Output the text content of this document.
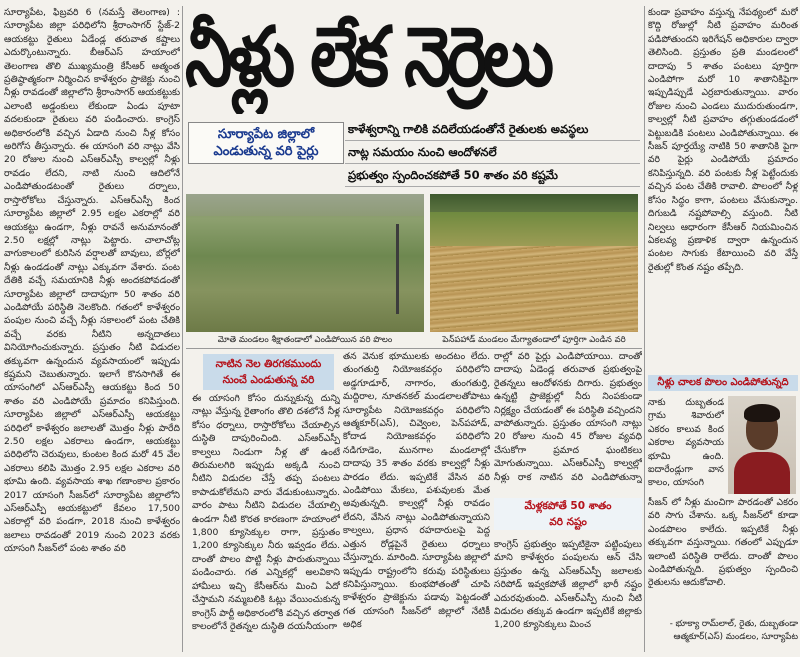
సూర్యాపేట, ఫిబ్రవరి 6 (నమస్తే తెలంగాణ) : సూర్యాపేట జిల్లా పరిధిలోని శ్రీరాంసాగర్ స్టేజ్-2 ఆయకట్టు రైతులు ఏడేండ్ల తరువాత కష్టాలు ఎదుర్కొంటున్నారు. బీఆర్ఎస్ హయాంలో తెలంగాణ తొలి ముఖ్యమంత్రి కేసీఆర్ ఆత్మంత ప్రతిష్ఠాత్మకంగా నిర్మించిన కాళేశ్వరం ప్రాజెక్టు నుంచి నీళ్లు రావడంతో జిల్లాలోని శ్రీరాంసాగర్ ఆయకట్టుకు ఎలాంటి అడ్డంకులు లేకుండా ఏండు పూటా వదలకుండా రైతులు వరి పండించారు. కాంగ్రెస్ అధికారంలోకి వచ్చిన ఏడాది నుంచి నీళ్ల కోసం అరిగోస తీస్తున్నారు. ఈ యాసంగి వరి నాట్లు వేసి 20 రోజుల నుంచి ఎస్ఆర్ఎస్పీ కాల్వల్లో నీళ్లు రావడం లేదని, నాటి నుంచి ఆదిలోనే ఎండిపోతుండటంతో రైతులు దర్నాలు, రాస్తారోకోలు చేస్తున్నారు. ఎస్ఆర్ఎస్పీ కింద సూర్యాపేట జిల్లాలో 2.95 లక్షల ఎకరాల్లో వరి ఆయకట్టు ఉండగా, నీళ్లు రావనే అనుమానంతో 2.50 లక్షల్లో నాట్లు పెట్టారు. చాలాచోట్ల వాగుకాలంలో కురిసిన వర్షాలతో బావులు, బోర్లలో నీళ్లు ఉండడంతో నాట్లు ఎక్కువగా వేశారు. పంట దేతికి వచ్చే సమయానికి నీళ్లు అందకపోవడంతో సూర్యాపేట జిల్లాలో దాదాపుగా 50 శాతం వరి ఎండిపోయే పరిస్థితి నెలకొంది. గతంలో కాళేశ్వరం పంపుల నుంచి వచ్చే నీళ్లు సకాలంలో పంట చేతికి వచ్చే వరకు నీటిని అన్నదాతలు వినియోగించుకున్నారు. ప్రస్తుతం నీటి విడుదల తక్కువగా ఉన్నందున వ్యవసాయంలో ఇప్పుడు కష్టమని చెబుతున్నారు. ఇలాగే కొనసాగితే ఈ యాసంగిలో ఎస్ఆర్ఎస్పీ ఆయకట్టు కింద 50 శాతం వరి ఎండిపోయే ప్రమాదం కనిపిస్తుంది. సూర్యాపేట జిల్లాలో ఎస్ఆర్ఎస్పీ ఆయకట్టు పరిధిలో కాళేశ్వరం జలాలతో మొత్తం నీళ్లు పారేది 2.50 లక్షల ఎకరాలు ఉండగా, ఆయకట్టు పరిధిలోని చెరువులు, కుంటల కింద మరో 45 వేల ఎకరాలు కలిపి మొత్తం 2.95 లక్షల ఎకరాల వరి భూమి ఉంది. వ్యవసాయ శాఖ గణాంకాల ప్రకారం 2017 యాసంగి సీజన్‌లో సూర్యాపేట జిల్లాలోని ఎస్ఆర్ఎస్పీ ఆయకట్టులో కేవలం 17,500 ఎకరాల్లో వరి పండగా, 2018 నుంచి కాళేశ్వరం జలాలు రావడంతో 2019 నుంచి 2023 వరకు యాసంగి సీజన్‌లో పంట శాతం వరి

నీళ్లు లేక నెర్రెలు
సూర్యాపేట జిల్లాలో
ఎండుతున్న వరి పైర్లు
కాళేశ్వరాన్ని గాలికి వదిలేయడంతోనే రైతులకు అవస్థలు
నాట్ల సమయం నుంచి ఆందోళనలే
ప్రభుత్వం స్పందించకపోతే 50 శాతం వరి కష్టమే
మోతె మండలం శీక్షాతండాలో ఎండిపోయిన వరి పొలం	పెన్‌పహాడ్ మండలం మేగ్యాతండాలో పూర్తిగా ఎండిన వరి
నాటిన నెల తిరగకముందు
నుంచే ఎండుతున్న వరి

ఈ యాసంగి కోసం దున్నుకున్న దున్ని నాట్లు వేస్తున్న రైతాంగం తొలి దశలోనే నీళ్ల కోసం ధర్నాలు, రాస్తారోకోలు చేయాల్సిన దుస్థితి దాపురించింది. ఎస్ఆర్ఎస్పీ కాల్వలు నిండుగా నీళ్ల తో ఉంటే తిరుమలగిరి ఇప్పుడు అక్కడి నుంచి నీటిని విడుదల చేస్తే తప్ప పంటలు కాపాడుకోలేమని వారు వేడుకుంటున్నారు. వారం పాటు నీటిని విడుదల చేయాల్సి ఉండగా నీటి కొరత కారణంగా హయాంలో 1,800 క్యూసెక్కుల రాగా, ప్రస్తుతం 1,200 క్యూసెక్కుల నీరు ఇవ్వడం లేదు. దాంతో పొలం పొట్టి నీళ్లు పారుతున్నాయి పండించారు. గత ఎన్నికల్లో అలవికాని హామీలు ఇచ్చి కేసీఆర్‌ను మించి ఏదో చేస్తామని నమ్మబలికి ఓట్లు వేయించుకున్న కాంగ్రెస్ పార్టీ అధికారంలోకి వచ్చిన తర్వాత కాలంలోనే రైతన్నల దుస్థితి దయనీయంగా

తన వెనుక భూములకు అందటం లేదు. తుంగతుర్తి నియోజకవర్గం పరిధిలోని అడ్డగూడూర్, నాగారం, తుంగతుర్తి, మద్దిరాల, నూతనకల్ మండలాలతోపాటు సూర్యాపేట నియోజకవర్గం పరిధిలోని ఆత్మకూర్(ఎస్), చివ్వెంల, పెన్‌పహాడ్, కోదాడ నియోజకవర్గం పరిధిలోని నడిగూడెం, మునగాల మండలాల్లో దాదాపు 35 శాతం వరకు కాల్వల్లో నీళ్లు పారడం లేదు. ఇప్పటికే వేసిన వరి ఎండిపోయి మేకలు, పశువులకు మేత అవుతున్నది. కాల్వల్లో నీళ్లు రావడం లేదని, వేసిన నాట్లు ఎండిపోతున్నాయని కాల్వలు, ప్రధాన రహదారులపై పెద్ద ఎత్తున రోడ్లపైనే రైతులు ధర్నాలు చేస్తున్నారు. మారింది. సూర్యాపేట జిల్లాలో ఇప్పుడు రాష్ట్రంలోని కరువు పరిస్థితులు కనిపిస్తున్నాయి. కుంభపోతంతో చూపి కాళేశ్వరం ప్రాజెక్టును పడావు పెట్టడంతో గత యాసంగి సీజన్‌లో జిల్లాలో నేటికీ అధిక

రాల్లో వరి పైర్లు ఎండిపోయాయి. దాంతో దాదాపు ఏడెండ్ల తరువాత ప్రభుత్వంపై రైతన్నలు ఆందోళనకు దిగారు. ప్రభుత్వం ఉన్నట్టి ప్రాజెక్టుల్లో నీరు నింపకుండా నిర్లక్ష్యం చేయడంతో ఈ పరిస్థితి వచ్చిందని వాపోతున్నారు. ప్రస్తుతం యాసంగి నాట్లు 20 రోజుల నుంచి 45 రోజుల వ్యవధి చేసుకోగా ప్రమాద ఘంటికలు మోగుతున్నాయి. ఎస్ఆర్ఎస్పీ కాల్వల్లో నీళ్లు రాక నాటిన వరి ఎండిపోతున్నా

మేళ్లకపోతే 50 శాతం
వరి నష్టం

కాంగ్రెస్ ప్రభుత్వం ఇప్పటికైనా పట్టింపులు మాని కాళేశ్వరం పంపులను ఆన్ చేసి ప్రస్తుతం ఉన్న ఎస్ఆర్ఎస్పీ జలాలకు సరిపోడ్ ఇవ్వకపోతే జిల్లాలో భారీ నష్టం ఎదురవుతుంది. ఎస్ఆర్ఎస్పీ నుంచి నీటి విడుదల తక్కువ ఉండగా ఇప్పటికే జిల్లాకు 1,200 క్యూసెక్కులు మించ

కుండా ప్రవాహం వస్తున్న నేపథ్యంలో మరో కొద్ది రోజుల్లో నీటి ప్రవాహం మరింత పడిపోతుందని ఇరిగేషన్ అధికారుల ద్వారా తెలిసింది. ప్రస్తుతం ప్రతి మండలంలో దాదాపు 5 శాతం పంటలు పూర్తిగా ఎండిపోగా మరో 10 శాతానికిపైగా ఇప్పుడిప్పుడే ఎర్రబారుతున్నాయి. వారం రోజుల నుంచి ఎండలు ముదురుతుండగా, కాల్వల్లో నీటి ప్రవాహం తగ్గుతుండడంలో పెట్టుబడికి పంటలు ఎండిపోతున్నాయి. ఈ సీజన్ పూర్తయ్యే నాటికి 50 శాతానికి పైగా వరి పైర్లు ఎండిపోయే ప్రమాదం కనిపిస్తున్నది. వరి పంటకు నీళ్ల పెట్టేందుకు వచ్చిన పంట చేతికి రావాలి. పొలంలో నీళ్ల కోసం సిద్ధం కాగా, పంటలు వేసుకున్నాం. దిగుబడి నష్టపోవాల్సి వస్తుంది. నీటి నిల్వలు ఆధారంగా కేసీఆర్ నియమించిన ఏకలవ్య ప్రణాళిక ద్వారా ఉన్నందున పంటల సాగుకు కేటాయించి వరి వేస్తే రైతుల్లో కొంత నష్టం తప్పేది.

నీళ్లు చాలక పొలం ఎండిపోతున్నది

నాకు దుబ్బతండ గ్రామ శివారులో ఎకరం కాలువ కింద ఎకరాల వ్యవసాయ భూమి ఉంది. ఐదారేండ్లుగా వాన కాలం, యాసంగి

సీజన్ లో నీళ్లు మంచిగా పారడంతో ఎకరం వరి సాగు చేశాను. ఒక్క సీజన్‌లో కూడా ఎండపొలం కాలేదు. ఇప్పటికే నీళ్లు తక్కువగా వస్తున్నాయి. గతంలో ఎప్పుడూ ఇలాంటి పరిస్థితి రాలేదు. దాంతో పొలం ఎండిపోతున్నది. ప్రభుత్వం స్పందించి రైతులను ఆదుకోవాలి.

- భూక్యా రామ్‌లాల్, రైతు, దుబ్బతండా ఆత్మకూర్(ఎస్) మండలం, సూర్యాపేట
